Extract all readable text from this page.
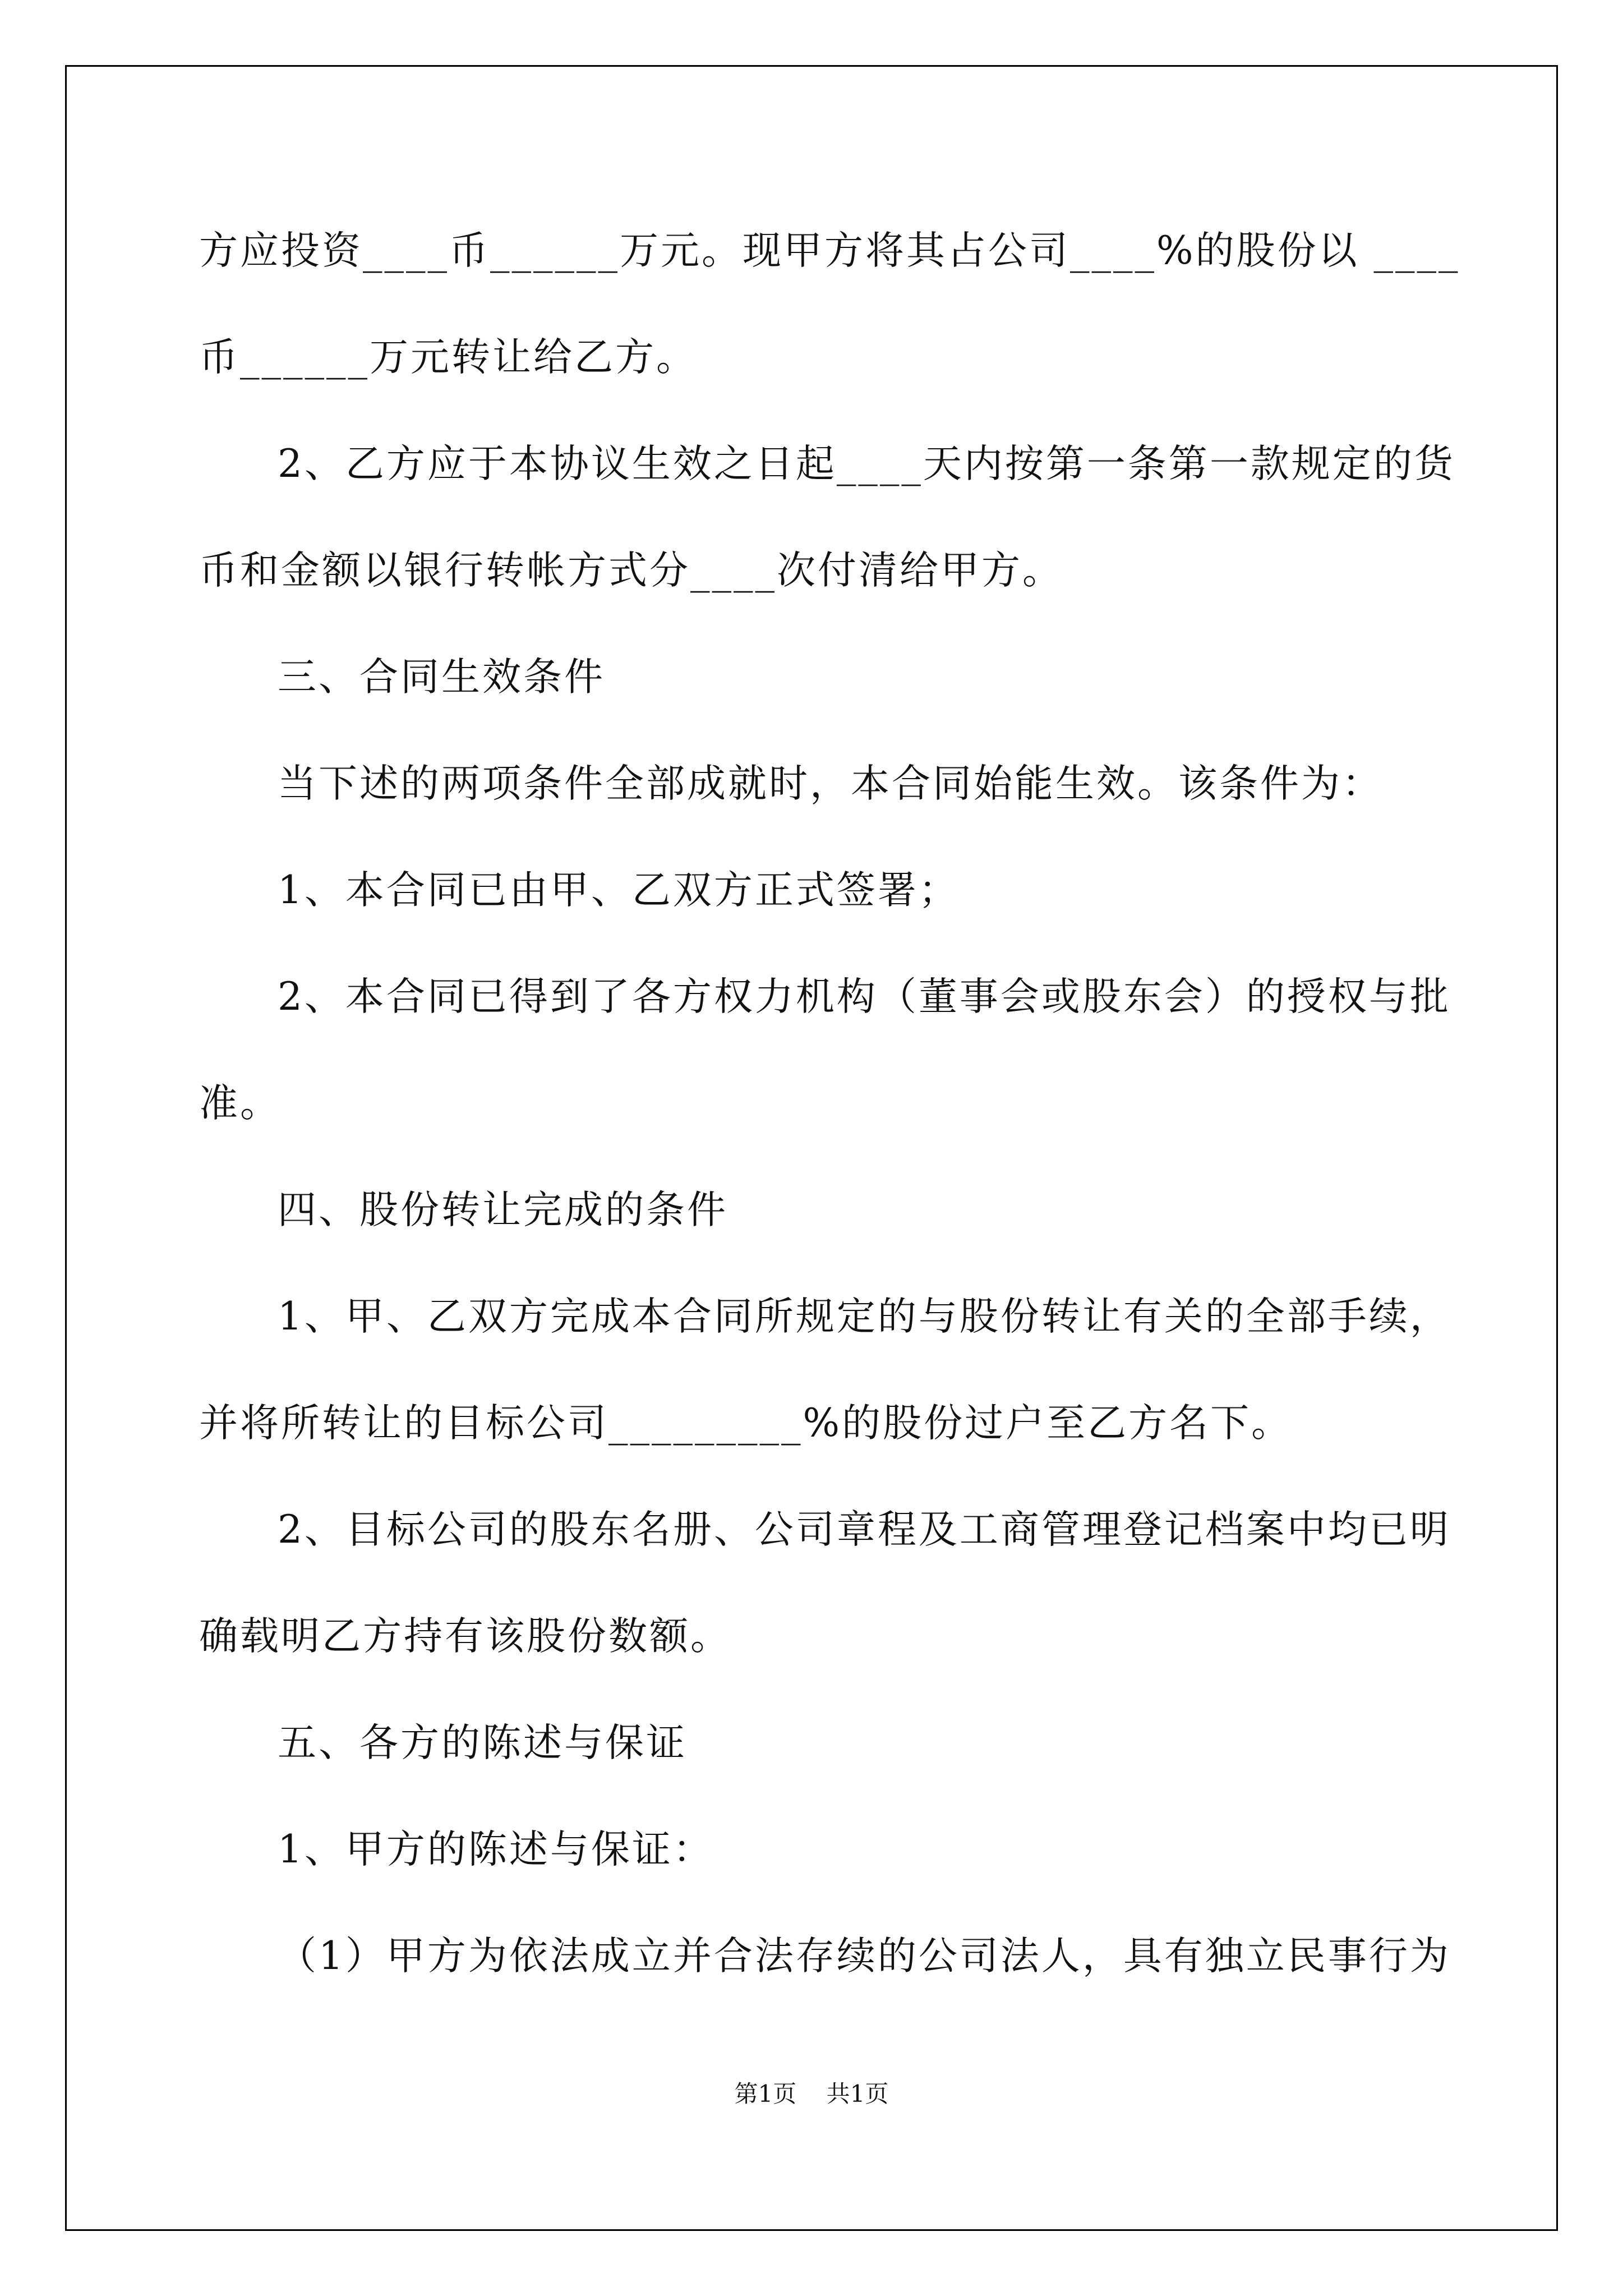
方应投资____币______万元。现甲方将其占公司____%的股份以 ____

币______万元转让给乙方。

2、乙方应于本协议生效之日起____天内按第一条第一款规定的货

币和金额以银行转帐方式分____次付清给甲方。

三、合同生效条件

当下述的两项条件全部成就时，本合同始能生效。该条件为：

1、本合同已由甲、乙双方正式签署；

2、本合同已得到了各方权力机构（董事会或股东会）的授权与批

准。

四、股份转让完成的条件

1、甲、乙双方完成本合同所规定的与股份转让有关的全部手续，

并将所转让的目标公司_________%的股份过户至乙方名下。

2、目标公司的股东名册、公司章程及工商管理登记档案中均已明

确载明乙方持有该股份数额。

五、各方的陈述与保证

1、甲方的陈述与保证：

（1）甲方为依法成立并合法存续的公司法人，具有独立民事行为

第1页    共1页
